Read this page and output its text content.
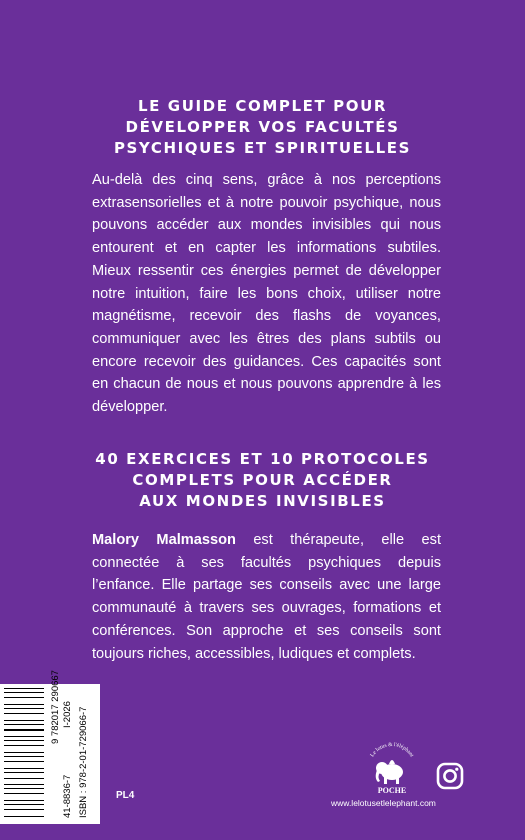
LE GUIDE COMPLET POUR
DÉVELOPPER VOS FACULTÉS
PSYCHIQUES ET SPIRITUELLES
Au-delà des cinq sens, grâce à nos perceptions extrasensorielles et à notre pouvoir psychique, nous pouvons accéder aux mondes invisibles qui nous entourent et en capter les informations subtiles. Mieux ressentir ces énergies permet de développer notre intuition, faire les bons choix, utiliser notre magnétisme, recevoir des flashs de voyances, communiquer avec les êtres des plans subtils ou encore recevoir des guidances. Ces capacités sont en chacun de nous et nous pouvons apprendre à les développer.
40 EXERCICES ET 10 PROTOCOLES
COMPLETS POUR ACCÉDER
AUX MONDES INVISIBLES
Malory Malmasson est thérapeute, elle est connectée à ses facultés psychiques depuis l’enfance. Elle partage ses conseils avec une large communauté à travers ses ouvrages, formations et conférences. Son approche et ses conseils sont toujours riches, accessibles, ludiques et complets.
9 782017 290667
41-8836-7
I-2026 ISBN : 978-2-01-729066-7	PL4
Le lotus & l'éléphant
POCHE
www.lelotusetlelephant.com
